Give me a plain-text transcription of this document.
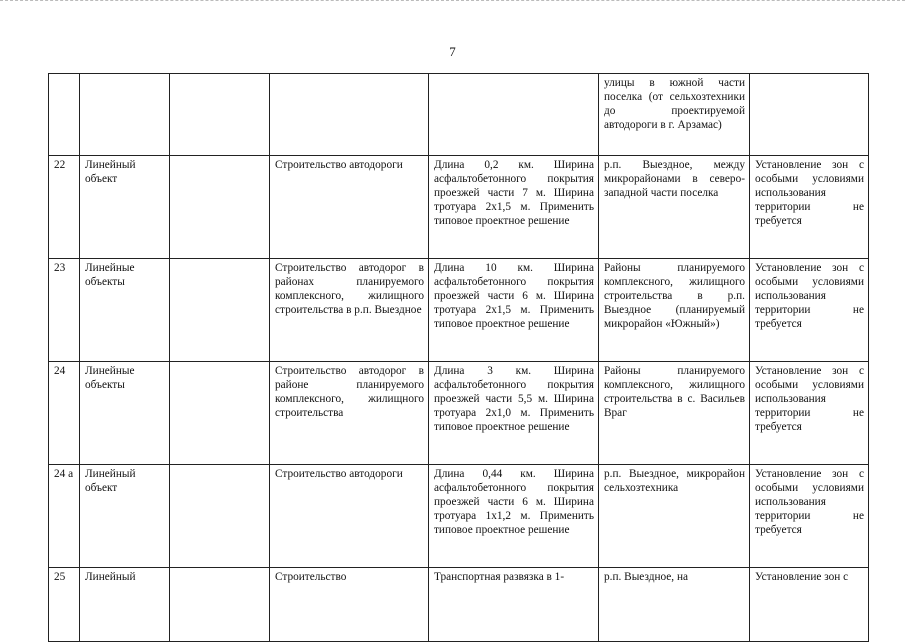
7
					улицы в южной части поселка (от сельхозтехники до проектируемой автодороги в г. Арзамас)	
22	Линейный объект		Строительство автодороги	Длина 0,2 км. Ширина асфальтобетонного покрытия проезжей части 7 м. Ширина тротуара 2x1,5 м. Применить типовое проектное решение	р.п. Выездное, между микрорайонами в северо-западной части поселка	Установление зон с особыми условиями использования территории не требуется
23	Линейные объекты		Строительство автодорог в районах планируемого комплексного, жилищного строительства в р.п. Выездное	Длина 10 км. Ширина асфальтобетонного покрытия проезжей части 6 м. Ширина тротуара 2x1,5 м. Применить типовое проектное решение	Районы планируемого комплексного, жилищного строительства в р.п. Выездное (планируемый микрорайон «Южный»)	Установление зон с особыми условиями использования территории не требуется
24	Линейные объекты		Строительство автодорог в районе планируемого комплексного, жилищного строительства	Длина 3 км. Ширина асфальтобетонного покрытия проезжей части 5,5 м. Ширина тротуара 2x1,0 м. Применить типовое проектное решение	Районы планируемого комплексного, жилищного строительства в с. Васильев Враг	Установление зон с особыми условиями использования территории не требуется
24 а	Линейный объект		Строительство автодороги	Длина 0,44 км. Ширина асфальтобетонного покрытия проезжей части 6 м. Ширина тротуара 1x1,2 м. Применить типовое проектное решение	р.п. Выездное, микрорайон сельхозтехника	Установление зон с особыми условиями использования территории не требуется
25	Линейный		Строительство	Транспортная развязка в 1-	р.п. Выездное, на	Установление зон с
